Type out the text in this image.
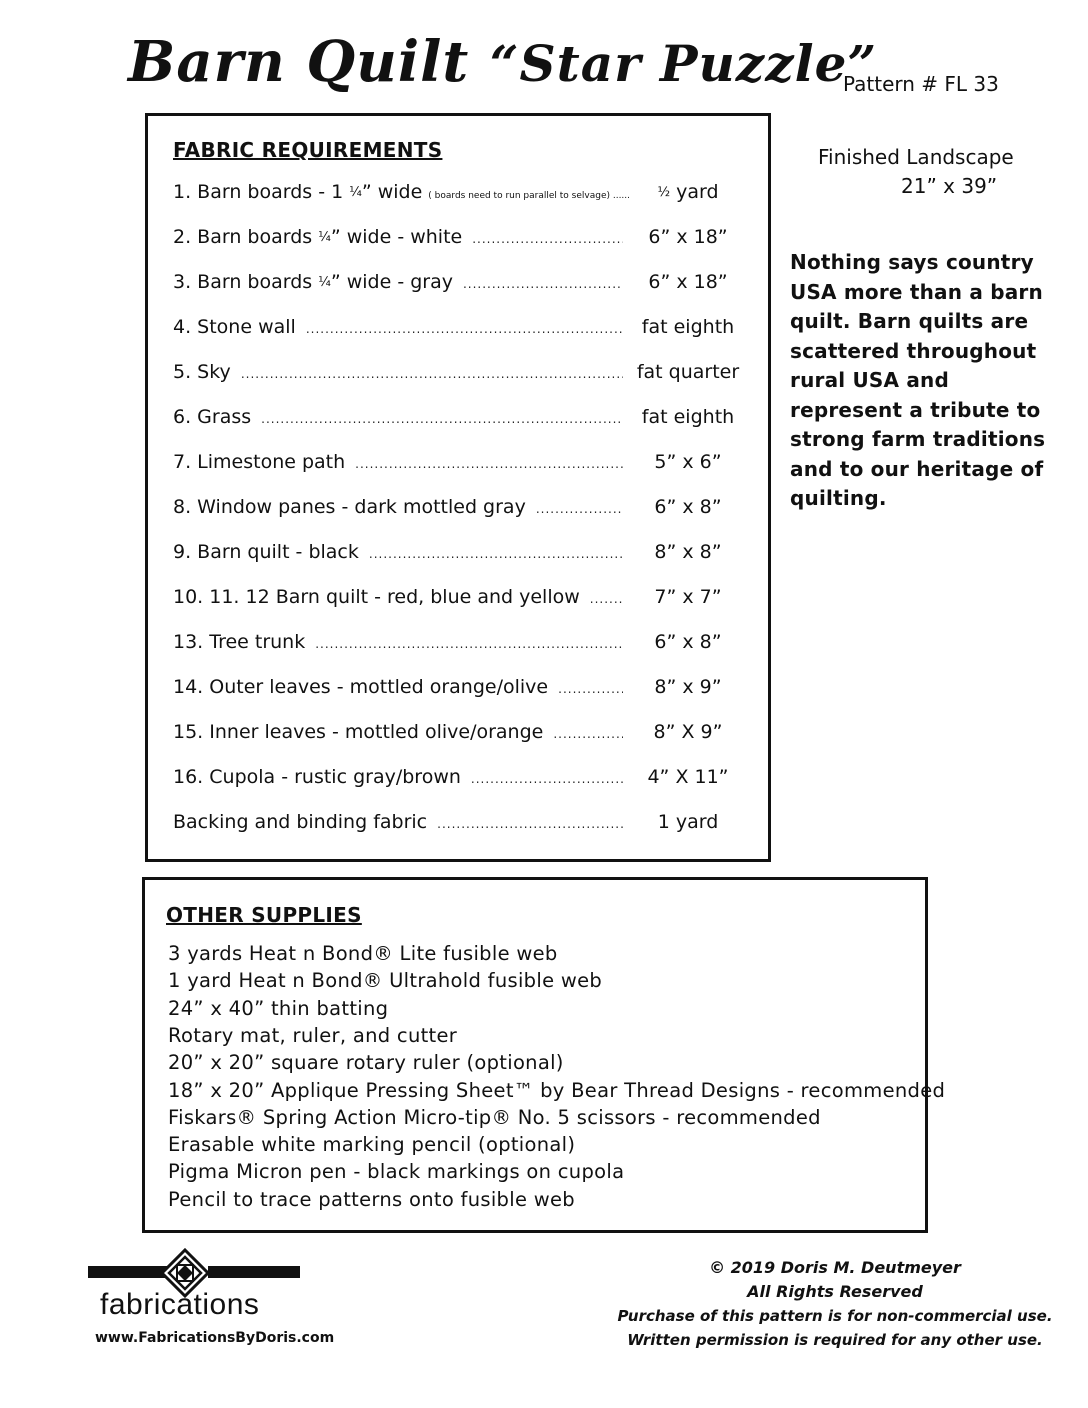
Barn Quilt “Star Puzzle”
Pattern # FL 33
FABRIC REQUIREMENTS
1. Barn boards - 1 ¼” wide ( boards need to run parallel to selvage) ......	½ yard
2. Barn boards ¼” wide - white .....	6” x 18”
3. Barn boards ¼” wide - gray .....	6” x 18”
4. Stone wall .....	fat eighth
5. Sky .....	fat quarter
6. Grass .....	fat eighth
7. Limestone path .....	5” x 6”
8. Window panes - dark mottled gray .....	6” x 8”
9. Barn quilt - black .....	8” x 8”
10. 11. 12 Barn quilt - red, blue and yellow .....	7” x 7”
13. Tree trunk .....	6” x 8”
14. Outer leaves - mottled orange/olive .....	8” x 9”
15. Inner leaves - mottled olive/orange .....	8” X 9”
16. Cupola - rustic gray/brown .....	4” X 11”
Backing and binding fabric .....	1 yard
Finished Landscape
21” x 39”
Nothing says country USA more than a barn quilt. Barn quilts are scattered throughout rural USA and represent a tribute to strong farm traditions and to our heritage of quilting.
OTHER SUPPLIES
3 yards Heat n Bond® Lite fusible web
1 yard Heat n Bond® Ultrahold fusible web
24” x 40” thin batting
Rotary mat, ruler, and cutter
20” x 20” square rotary ruler (optional)
18” x 20” Applique Pressing Sheet™ by Bear Thread Designs - recommended
Fiskars® Spring Action Micro-tip® No. 5 scissors - recommended
Erasable white marking pencil (optional)
Pigma Micron pen - black markings on cupola
Pencil to trace patterns onto fusible web
fabrications
www.FabricationsByDoris.com
© 2019 Doris M. Deutmeyer
All Rights Reserved
Purchase of this pattern is for non-commercial use.
Written permission is required for any other use.
